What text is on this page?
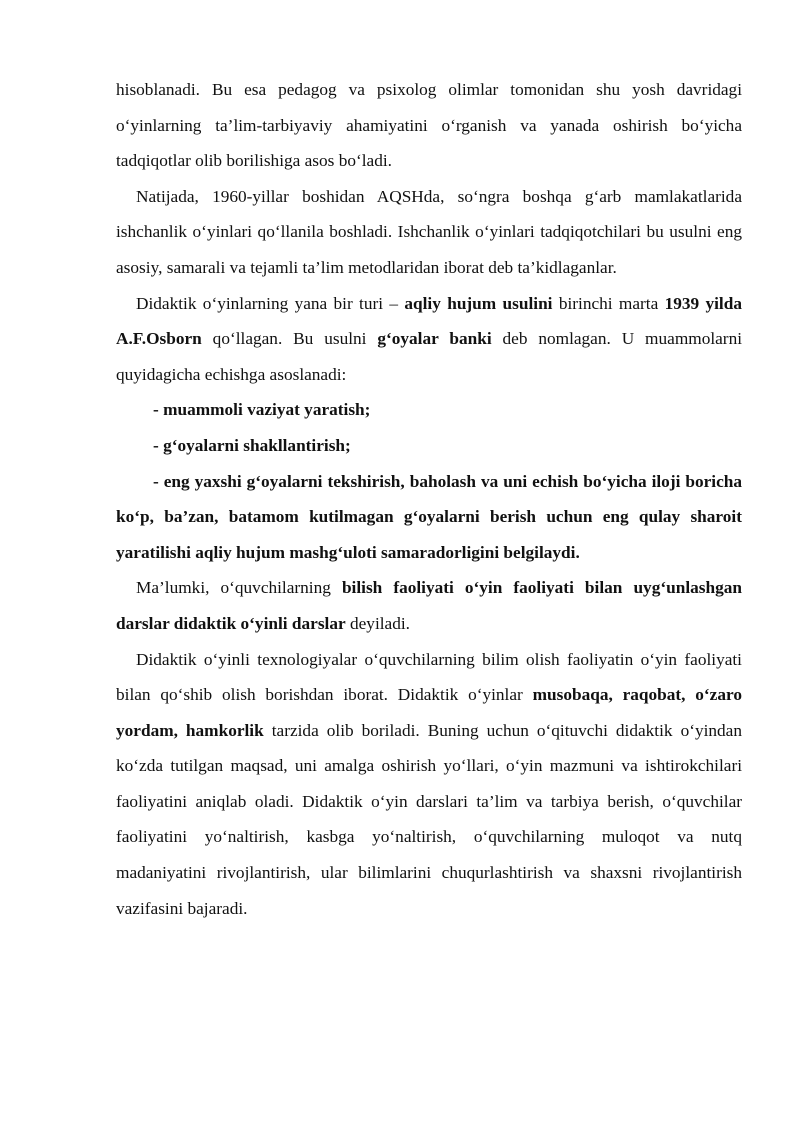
hisoblanadi. Bu esa pedagog va psixolog olimlar tomonidan shu yosh davridagi o‘yinlarning ta’lim-tarbiyaviy ahamiyatini o‘rganish va yanada oshirish bo‘yicha tadqiqotlar olib borilishiga asos bo‘ladi.

Natijada, 1960-yillar boshidan AQSHda, so‘ngra boshqa g‘arb mamlakatlarida ishchanlik o‘yinlari qo‘llanila boshladi. Ishchanlik o‘yinlari tadqiqotchilari bu usulni eng asosiy, samarali va tejamli ta’lim metodlaridan iborat deb ta’kidlaganlar.

Didaktik o‘yinlarning yana bir turi – aqliy hujum usulini birinchi marta 1939 yilda A.F.Osborn qo‘llagan. Bu usulni g‘oyalar banki deb nomlagan. U muammolarni quyidagicha echishga asoslanadi:

- muammoli vaziyat yaratish;

- g‘oyalarni shakllantirish;

- eng yaxshi g‘oyalarni tekshirish, baholash va uni echish bo‘yicha iloji boricha ko‘p, ba’zan, batamom kutilmagan g‘oyalarni berish uchun eng qulay sharoit yaratilishi aqliy hujum mashg‘uloti samaradorligini belgilaydi.

Ma’lumki, o‘quvchilarning bilish faoliyati o‘yin faoliyati bilan uyg‘unlashgan darslar didaktik o‘yinli darslar deyiladi.

Didaktik o‘yinli texnologiyalar o‘quvchilarning bilim olish faoliyatin o‘yin faoliyati bilan qo‘shib olish borishdan iborat. Didaktik o‘yinlar musobaqa, raqobat, o‘zaro yordam, hamkorlik tarzida olib boriladi. Buning uchun o‘qituvchi didaktik o‘yindan ko‘zda tutilgan maqsad, uni amalga oshirish yo‘llari, o‘yin mazmuni va ishtirokchilari faoliyatini aniqlab oladi. Didaktik o‘yin darslari ta’lim va tarbiya berish, o‘quvchilar faoliyatini yo‘naltirish, kasbga yo‘naltirish, o‘quvchilarning muloqot va nutq madaniyatini rivojlantirish, ular bilimlarini chuqurlashtirish va shaxsni rivojlantirish vazifasini bajaradi.
